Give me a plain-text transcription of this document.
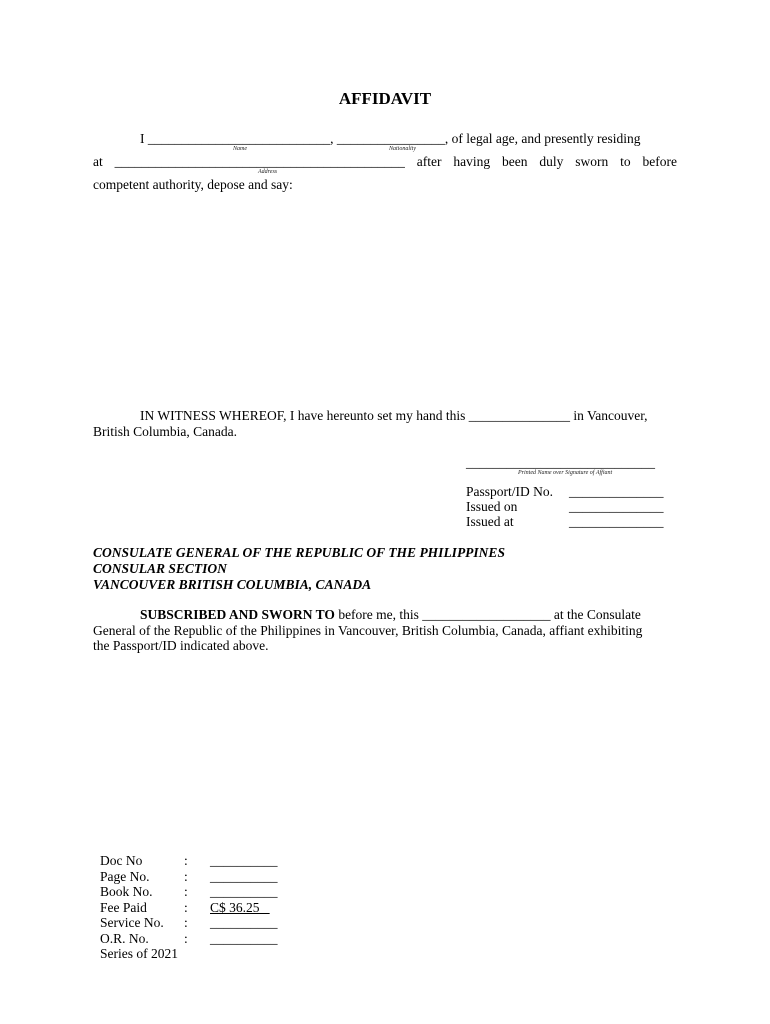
AFFIDAVIT
I ___________________________, ________________, of legal age, and presently residing
Name	Nationality
at ___________________________________________ after having been duly sworn to before
Address
competent authority, depose and say:
IN WITNESS WHEREOF, I have hereunto set my hand this _______________ in Vancouver,
British Columbia, Canada.
____________________________
Printed Name over Signature of Affiant
Passport/ID No. ______________
Issued on	______________
Issued at	______________
CONSULATE GENERAL OF THE REPUBLIC OF THE PHILIPPINES
CONSULAR SECTION
VANCOUVER BRITISH COLUMBIA, CANADA
SUBSCRIBED AND SWORN TO before me, this ___________________ at the Consulate
General of the Republic of the Philippines in Vancouver, British Columbia, Canada, affiant exhibiting
the Passport/ID indicated above.
Doc No	: __________
Page No.	: __________
Book No. : __________
Fee Paid	: C$ 36.25
Service No. : __________
O.R. No.	: __________
Series of 2021
